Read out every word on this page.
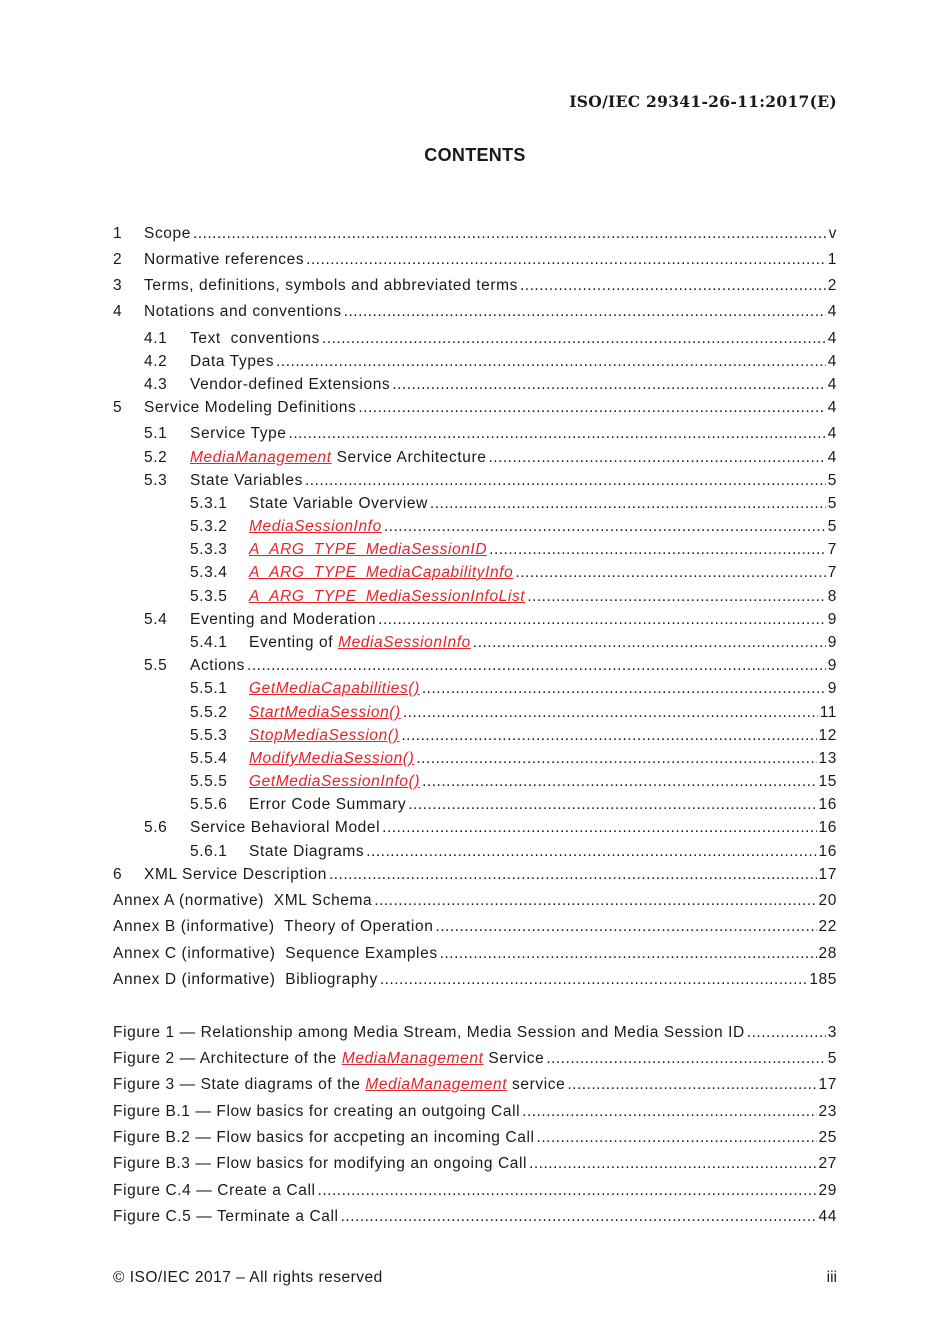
ISO/IEC 29341-26-11:2017(E)
CONTENTS
1 Scope .....	v
2 Normative references .....	1
3 Terms, definitions, symbols and abbreviated terms .....	2
4 Notations and conventions .....	4
4.1 Text  conventions .....	4
4.2 Data Types .....	4
4.3 Vendor-defined Extensions .....	4
5 Service Modeling Definitions .....	4
5.1 Service Type .....	4
5.2 MediaManagement Service Architecture .....	4
5.3 State Variables .....	5
5.3.1 State Variable Overview .....	5
5.3.2 MediaSessionInfo .....	5
5.3.3 A_ARG_TYPE_MediaSessionID .....	7
5.3.4 A_ARG_TYPE_MediaCapabilityInfo .....	7
5.3.5 A_ARG_TYPE_MediaSessionInfoList .....	8
5.4 Eventing and Moderation .....	9
5.4.1 Eventing of MediaSessionInfo .....	9
5.5 Actions .....	9
5.5.1 GetMediaCapabilities() .....	9
5.5.2 StartMediaSession() .....	11
5.5.3 StopMediaSession() .....	12
5.5.4 ModifyMediaSession() .....	13
5.5.5 GetMediaSessionInfo() .....	15
5.5.6 Error Code Summary .....	16
5.6 Service Behavioral Model .....	16
5.6.1 State Diagrams .....	16
6 XML Service Description .....	17
Annex A (normative)  XML Schema .....	20
Annex B (informative)  Theory of Operation .....	22
Annex C (informative)  Sequence Examples .....	28
Annex D (informative)  Bibliography .....	185
Figure 1 — Relationship among Media Stream, Media Session and Media Session ID .....	3
Figure 2 — Architecture of the MediaManagement Service .....	5
Figure 3 — State diagrams of the MediaManagement service .....	17
Figure B.1 — Flow basics for creating an outgoing Call .....	23
Figure B.2 — Flow basics for accpeting an incoming Call .....	25
Figure B.3 — Flow basics for modifying an ongoing Call .....	27
Figure C.4 — Create a Call .....	29
Figure C.5 — Terminate a Call .....	44
© ISO/IEC 2017 – All rights reserved	iii
